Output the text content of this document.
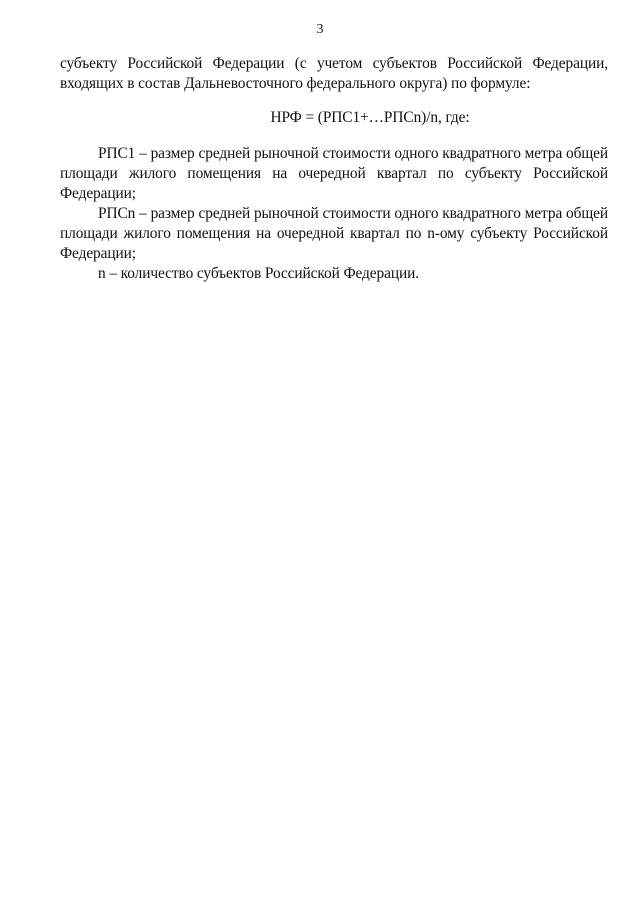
3

субъекту Российской Федерации (с учетом субъектов Российской Федерации, входящих в состав Дальневосточного федерального округа) по формуле:

НРФ = (РПС1+…РПСn)/n, где:

РПС1 – размер средней рыночной стоимости одного квадратного метра общей площади жилого помещения на очередной квартал по субъекту Российской Федерации;

РПСn – размер средней рыночной стоимости одного квадратного метра общей площади жилого помещения на очередной квартал по n-ому субъекту Российской Федерации;

n – количество субъектов Российской Федерации.
